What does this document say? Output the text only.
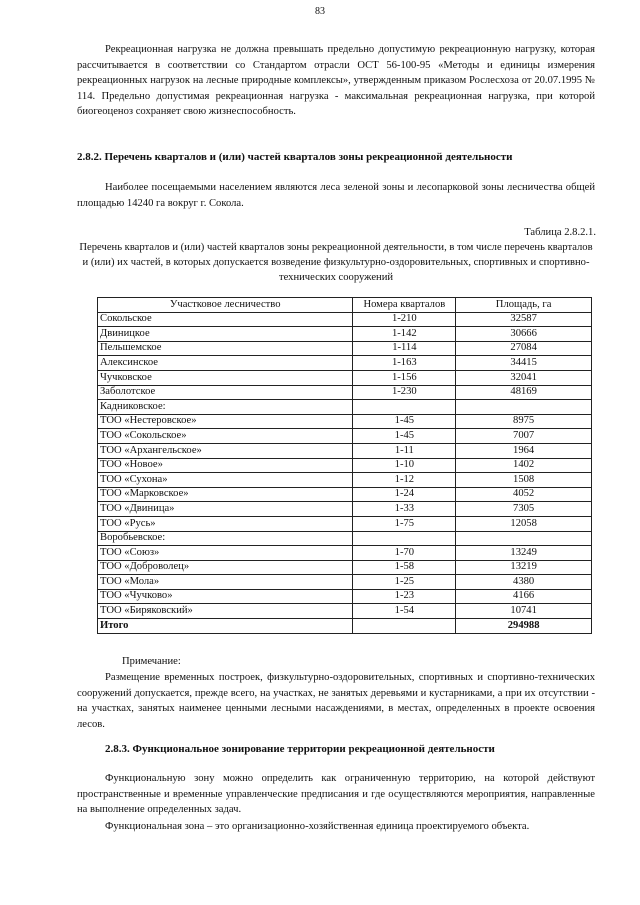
83

Рекреационная нагрузка не должна превышать предельно допустимую рекреационную нагрузку, которая рассчитывается в соответствии со Стандартом отрасли ОСТ 56-100-95 «Методы и единицы измерения рекреационных нагрузок на лесные природные комплексы», утвержденным приказом Рослесхоза от 20.07.1995 № 114. Предельно допустимая рекреационная нагрузка - максимальная рекреационная нагрузка, при которой биогеоценоз сохраняет свою жизнеспособность.

2.8.2. Перечень кварталов и (или) частей кварталов зоны рекреационной деятельности

Наиболее посещаемыми населением являются леса зеленой зоны и лесопарковой зоны лесничества общей площадью 14240 га вокруг г. Сокола.

Таблица 2.8.2.1.

Перечень кварталов и (или) частей кварталов зоны рекреационной деятельности, в том числе перечень кварталов и (или) их частей, в которых допускается возведение физкультурно-оздоровительных, спортивных и спортивно-технических сооружений

Участковое лесничество	Номера кварталов	Площадь, га
Сокольское	1-210	32587
Двиницкое	1-142	30666
Пельшемское	1-114	27084
Алексинское	1-163	34415
Чучковское	1-156	32041
Заболотское	1-230	48169
Кадниковское:		
ТОО «Нестеровское»	1-45	8975
ТОО «Сокольское»	1-45	7007
ТОО «Архангельское»	1-11	1964
ТОО «Новое»	1-10	1402
ТОО «Сухона»	1-12	1508
ТОО «Марковское»	1-24	4052
ТОО «Двиница»	1-33	7305
ТОО «Русь»	1-75	12058
Воробьевское:		
ТОО «Союз»	1-70	13249
ТОО «Доброволец»	1-58	13219
ТОО «Мола»	1-25	4380
ТОО «Чучково»	1-23	4166
ТОО «Биряковский»	1-54	10741
Итого		294988
Примечание:

Размещение временных построек, физкультурно-оздоровительных, спортивных и спортивно-технических сооружений допускается, прежде всего, на участках, не занятых деревьями и кустарниками, а при их отсутствии - на участках, занятых наименее ценными лесными насаждениями, в местах, определенных в проекте освоения лесов.

2.8.3. Функциональное зонирование территории рекреационной деятельности

Функциональную зону можно определить как ограниченную территорию, на которой действуют пространственные и временные управленческие предписания и где осуществляются мероприятия, направленные на выполнение определенных задач.

Функциональная зона – это организационно-хозяйственная единица проектируемого объекта.
